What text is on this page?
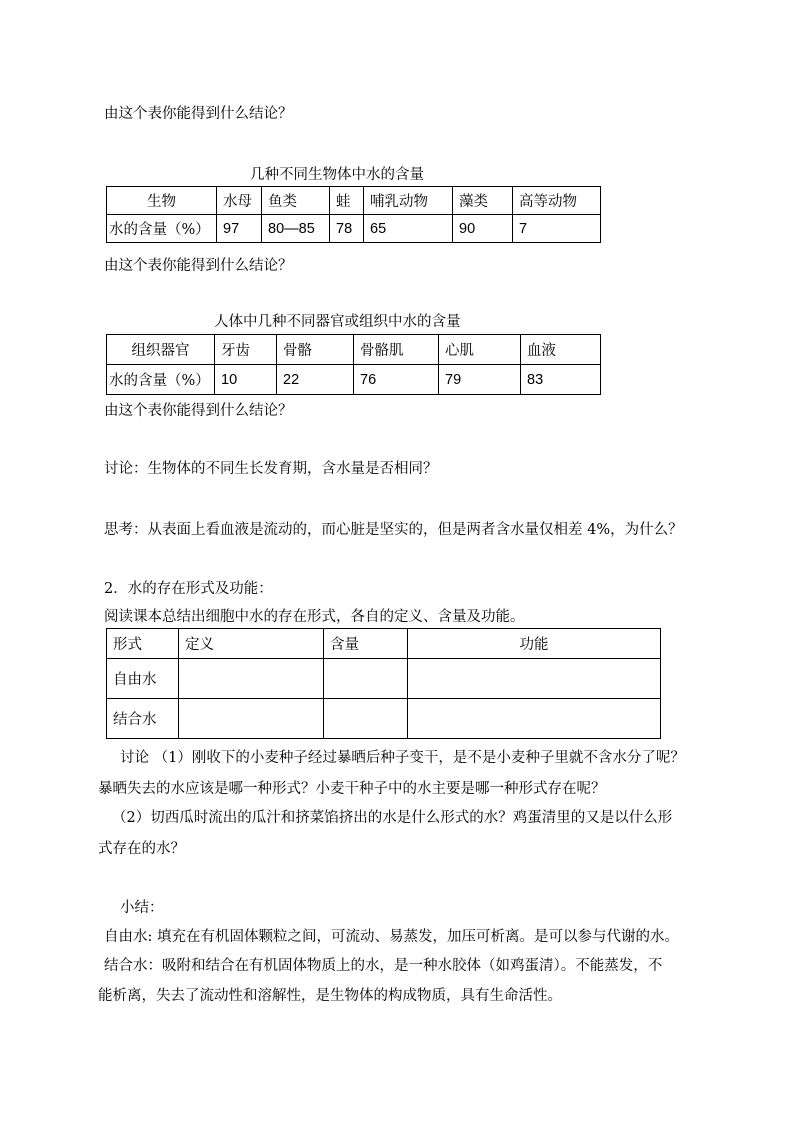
由这个表你能得到什么结论？
几种不同生物体中水的含量
生物	水母	鱼类	蛙	哺乳动物	藻类	高等动物
水的含量（%）	97	80—85	78	65	90	7
由这个表你能得到什么结论？
人体中几种不同器官或组织中水的含量
组织器官	牙齿	骨骼	骨骼肌	心肌	血液
水的含量（%）	10	22	76	79	83
由这个表你能得到什么结论？
讨论：生物体的不同生长发育期，含水量是否相同？
思考：从表面上看血液是流动的，而心脏是坚实的，但是两者含水量仅相差 4%，为什么？
2．水的存在形式及功能：
阅读课本总结出细胞中水的存在形式，各自的定义、含量及功能。
形式	定义	含量	功能
自由水			
结合水			
讨论 （1）刚收下的小麦种子经过暴晒后种子变干，是不是小麦种子里就不含水分了呢？
暴晒失去的水应该是哪一种形式？小麦干种子中的水主要是哪一种形式存在呢？
（2）切西瓜时流出的瓜汁和挤菜馅挤出的水是什么形式的水？鸡蛋清里的又是以什么形
式存在的水？
小结：
自由水: 填充在有机固体颗粒之间，可流动、易蒸发，加压可析离。是可以参与代谢的水。
结合水：吸附和结合在有机固体物质上的水，是一种水胶体（如鸡蛋清）。不能蒸发，不
能析离，失去了流动性和溶解性，是生物体的构成物质，具有生命活性。
